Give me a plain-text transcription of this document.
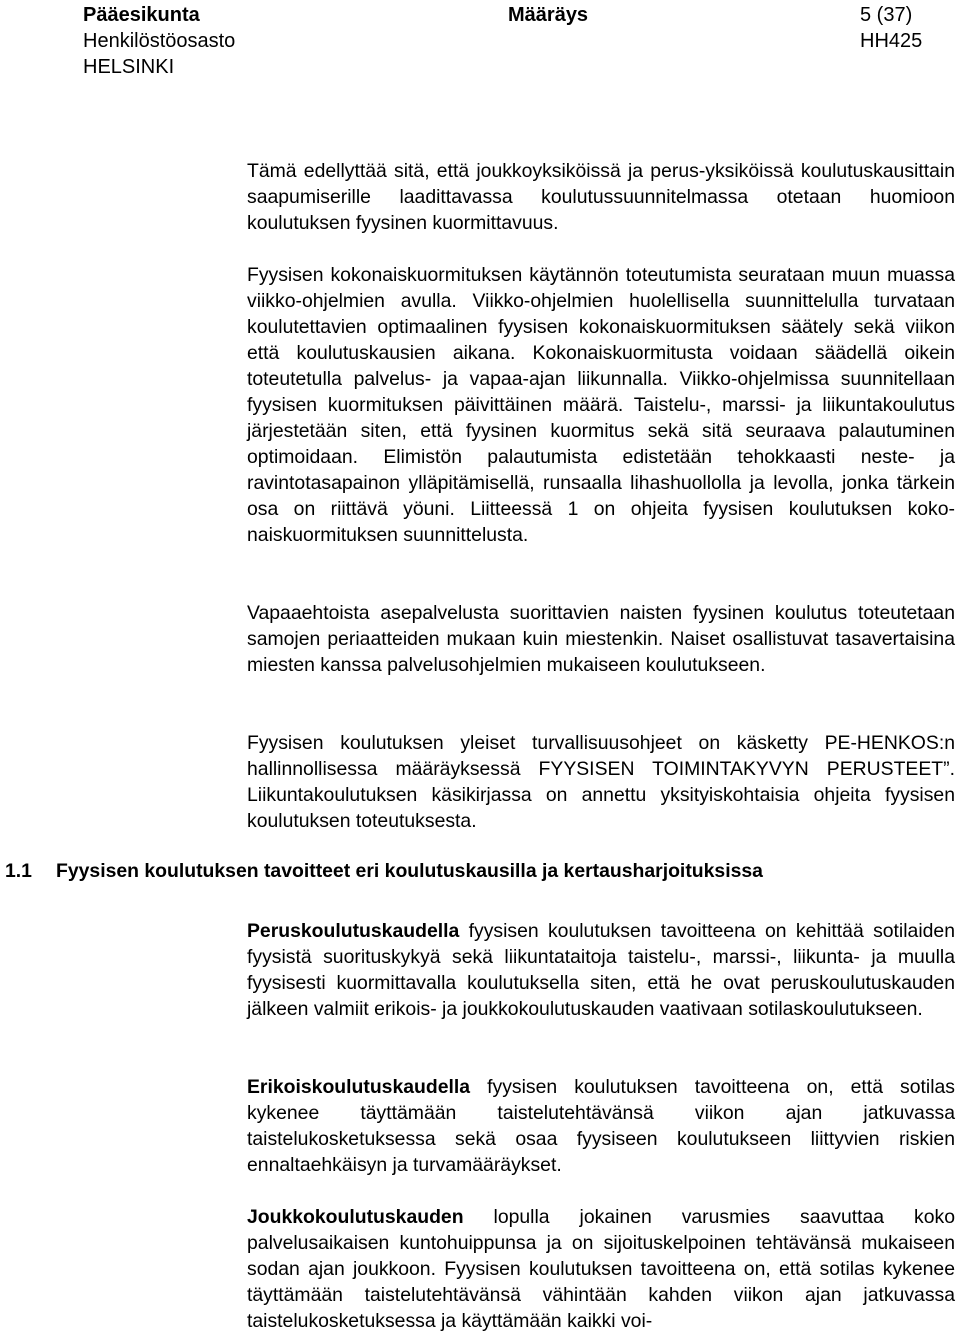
Pääesikunta
Henkilöstöosasto
HELSINKI
Määräys	5 (37)
HH425

Tämä edellyttää sitä, että joukkoyksiköissä ja perus-yksiköissä koulutuskausittain saapumiserille laadittavassa koulutussuunnitelmassa otetaan huomioon koulutuksen fyysinen kuormittavuus.

Fyysisen kokonaiskuormituksen käytännön toteutumista seurataan muun muassa viikko-ohjelmien avulla. Viikko-ohjelmien huolellisella suunnittelulla turvataan koulutettavien optimaalinen fyysisen kokonaiskuormituksen säätely sekä viikon että koulutuskausien aikana. Kokonaiskuormitusta voidaan säädellä oikein toteutetulla palvelus- ja vapaa-ajan liikunnalla. Viikko-ohjelmissa suunnitellaan fyysisen kuormituksen päivittäinen määrä. Taistelu-, marssi- ja liikuntakoulutus järjestetään siten, että fyysinen kuormitus sekä sitä seuraava palautuminen optimoidaan. Elimistön palautumista edistetään tehokkaasti neste- ja ravintotasapainon ylläpitämisellä, runsaalla lihashuollolla ja levolla, jonka tärkein osa on riittävä yöuni. Liitteessä 1 on ohjeita fyysisen koulutuksen koko-naiskuormituksen suunnittelusta.

Vapaaehtoista asepalvelusta suorittavien naisten fyysinen koulutus toteutetaan samojen periaatteiden mukaan kuin miestenkin. Naiset osallistuvat tasavertaisina miesten kanssa palvelusohjelmien mukaiseen koulutukseen.

Fyysisen koulutuksen yleiset turvallisuusohjeet on käsketty PE-HENKOS:n hallinnollisessa määräyksessä FYYSISEN TOIMINTAKYVYN PERUSTEET”. Liikuntakoulutuksen käsikirjassa on annettu yksityiskohtaisia ohjeita fyysisen koulutuksen toteutuksesta.

1.1 Fyysisen koulutuksen tavoitteet eri koulutuskausilla ja kertausharjoituksissa

Peruskoulutuskaudella fyysisen koulutuksen tavoitteena on kehittää sotilaiden fyysistä suorituskykyä sekä liikuntataitoja taistelu-, marssi-, liikunta- ja muulla fyysisesti kuormittavalla koulutuksella siten, että he ovat peruskoulutuskauden jälkeen valmiit erikois- ja joukkokoulutuskauden vaativaan sotilaskoulutukseen.

Erikoiskoulutuskaudella fyysisen koulutuksen tavoitteena on, että sotilas kykenee täyttämään taistelutehtävänsä viikon ajan jatkuvassa taistelukosketuksessa sekä osaa fyysiseen koulutukseen liittyvien riskien ennaltaehkäisyn ja turvamääräykset.

Joukkokoulutuskauden lopulla jokainen varusmies saavuttaa koko palvelusaikaisen kuntohuippunsa ja on sijoituskelpoinen tehtävänsä mukaiseen sodan ajan joukkoon. Fyysisen koulutuksen tavoitteena on, että sotilas kykenee täyttämään taistelutehtävänsä vähintään kahden viikon ajan jatkuvassa taistelukosketuksessa ja käyttämään kaikki voi-
